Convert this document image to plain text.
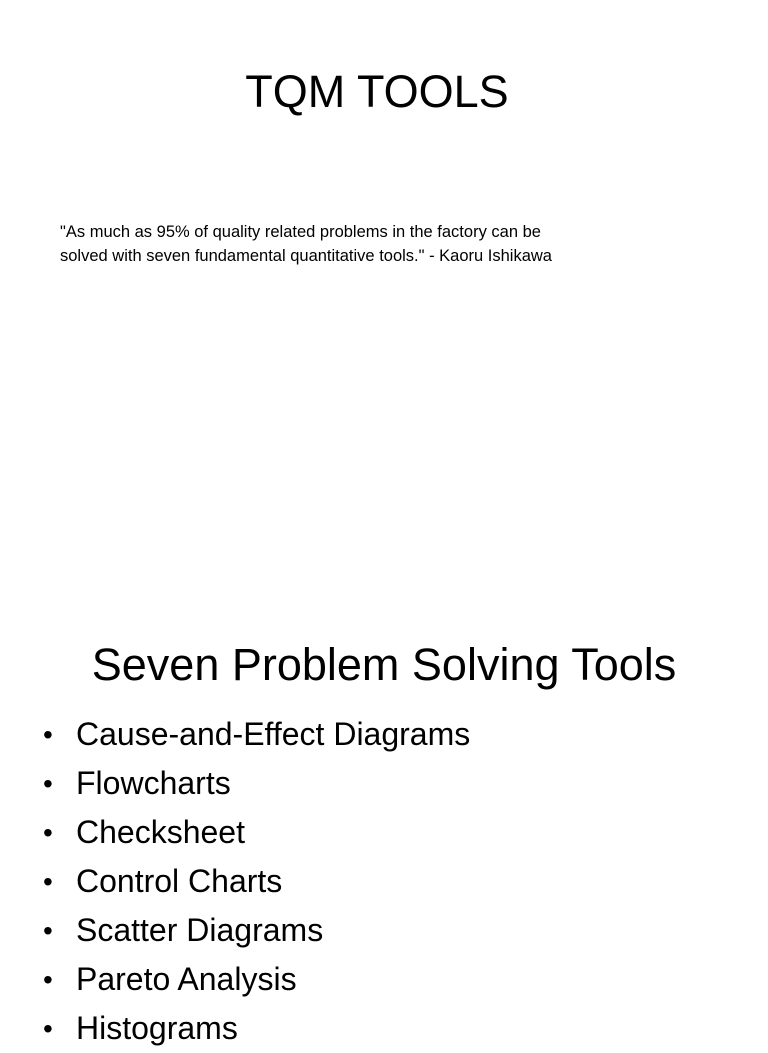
TQM TOOLS

"As much as 95% of quality related problems in the factory can be
solved with seven fundamental quantitative tools." - Kaoru Ishikawa

Seven Problem Solving Tools
• Cause-and-Effect Diagrams
• Flowcharts
• Checksheet
• Control Charts
• Scatter Diagrams
• Pareto Analysis
• Histograms
